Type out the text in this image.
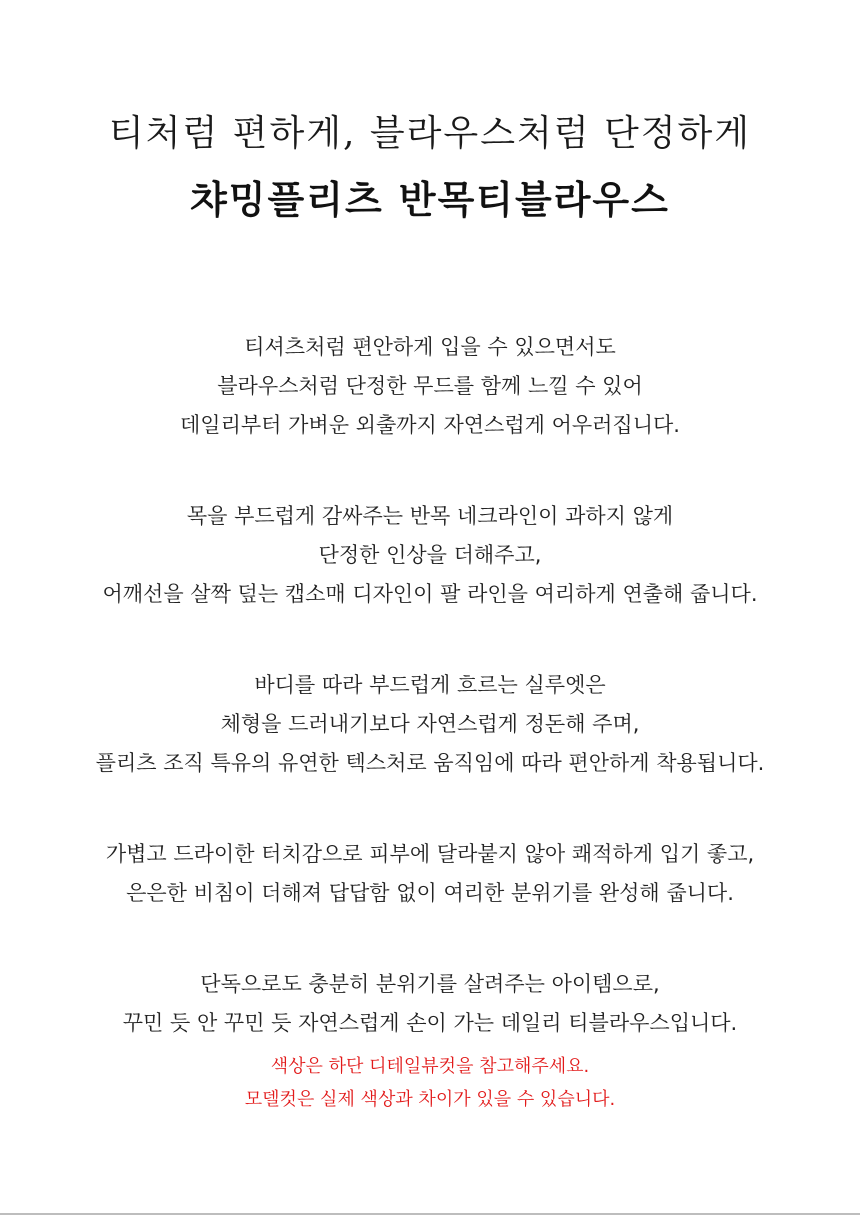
티처럼 편하게, 블라우스처럼 단정하게
챠밍플리츠 반목티블라우스
티셔츠처럼 편안하게 입을 수 있으면서도
블라우스처럼 단정한 무드를 함께 느낄 수 있어
데일리부터 가벼운 외출까지 자연스럽게 어우러집니다.
목을 부드럽게 감싸주는 반목 네크라인이 과하지 않게
단정한 인상을 더해주고,
어깨선을 살짝 덮는 캡소매 디자인이 팔 라인을 여리하게 연출해 줍니다.
바디를 따라 부드럽게 흐르는 실루엣은
체형을 드러내기보다 자연스럽게 정돈해 주며,
플리츠 조직 특유의 유연한 텍스처로 움직임에 따라 편안하게 착용됩니다.
가볍고 드라이한 터치감으로 피부에 달라붙지 않아 쾌적하게 입기 좋고,
은은한 비침이 더해져 답답함 없이 여리한 분위기를 완성해 줍니다.
단독으로도 충분히 분위기를 살려주는 아이템으로,
꾸민 듯 안 꾸민 듯 자연스럽게 손이 가는 데일리 티블라우스입니다.
색상은 하단 디테일뷰컷을 참고해주세요.
모델컷은 실제 색상과 차이가 있을 수 있습니다.
